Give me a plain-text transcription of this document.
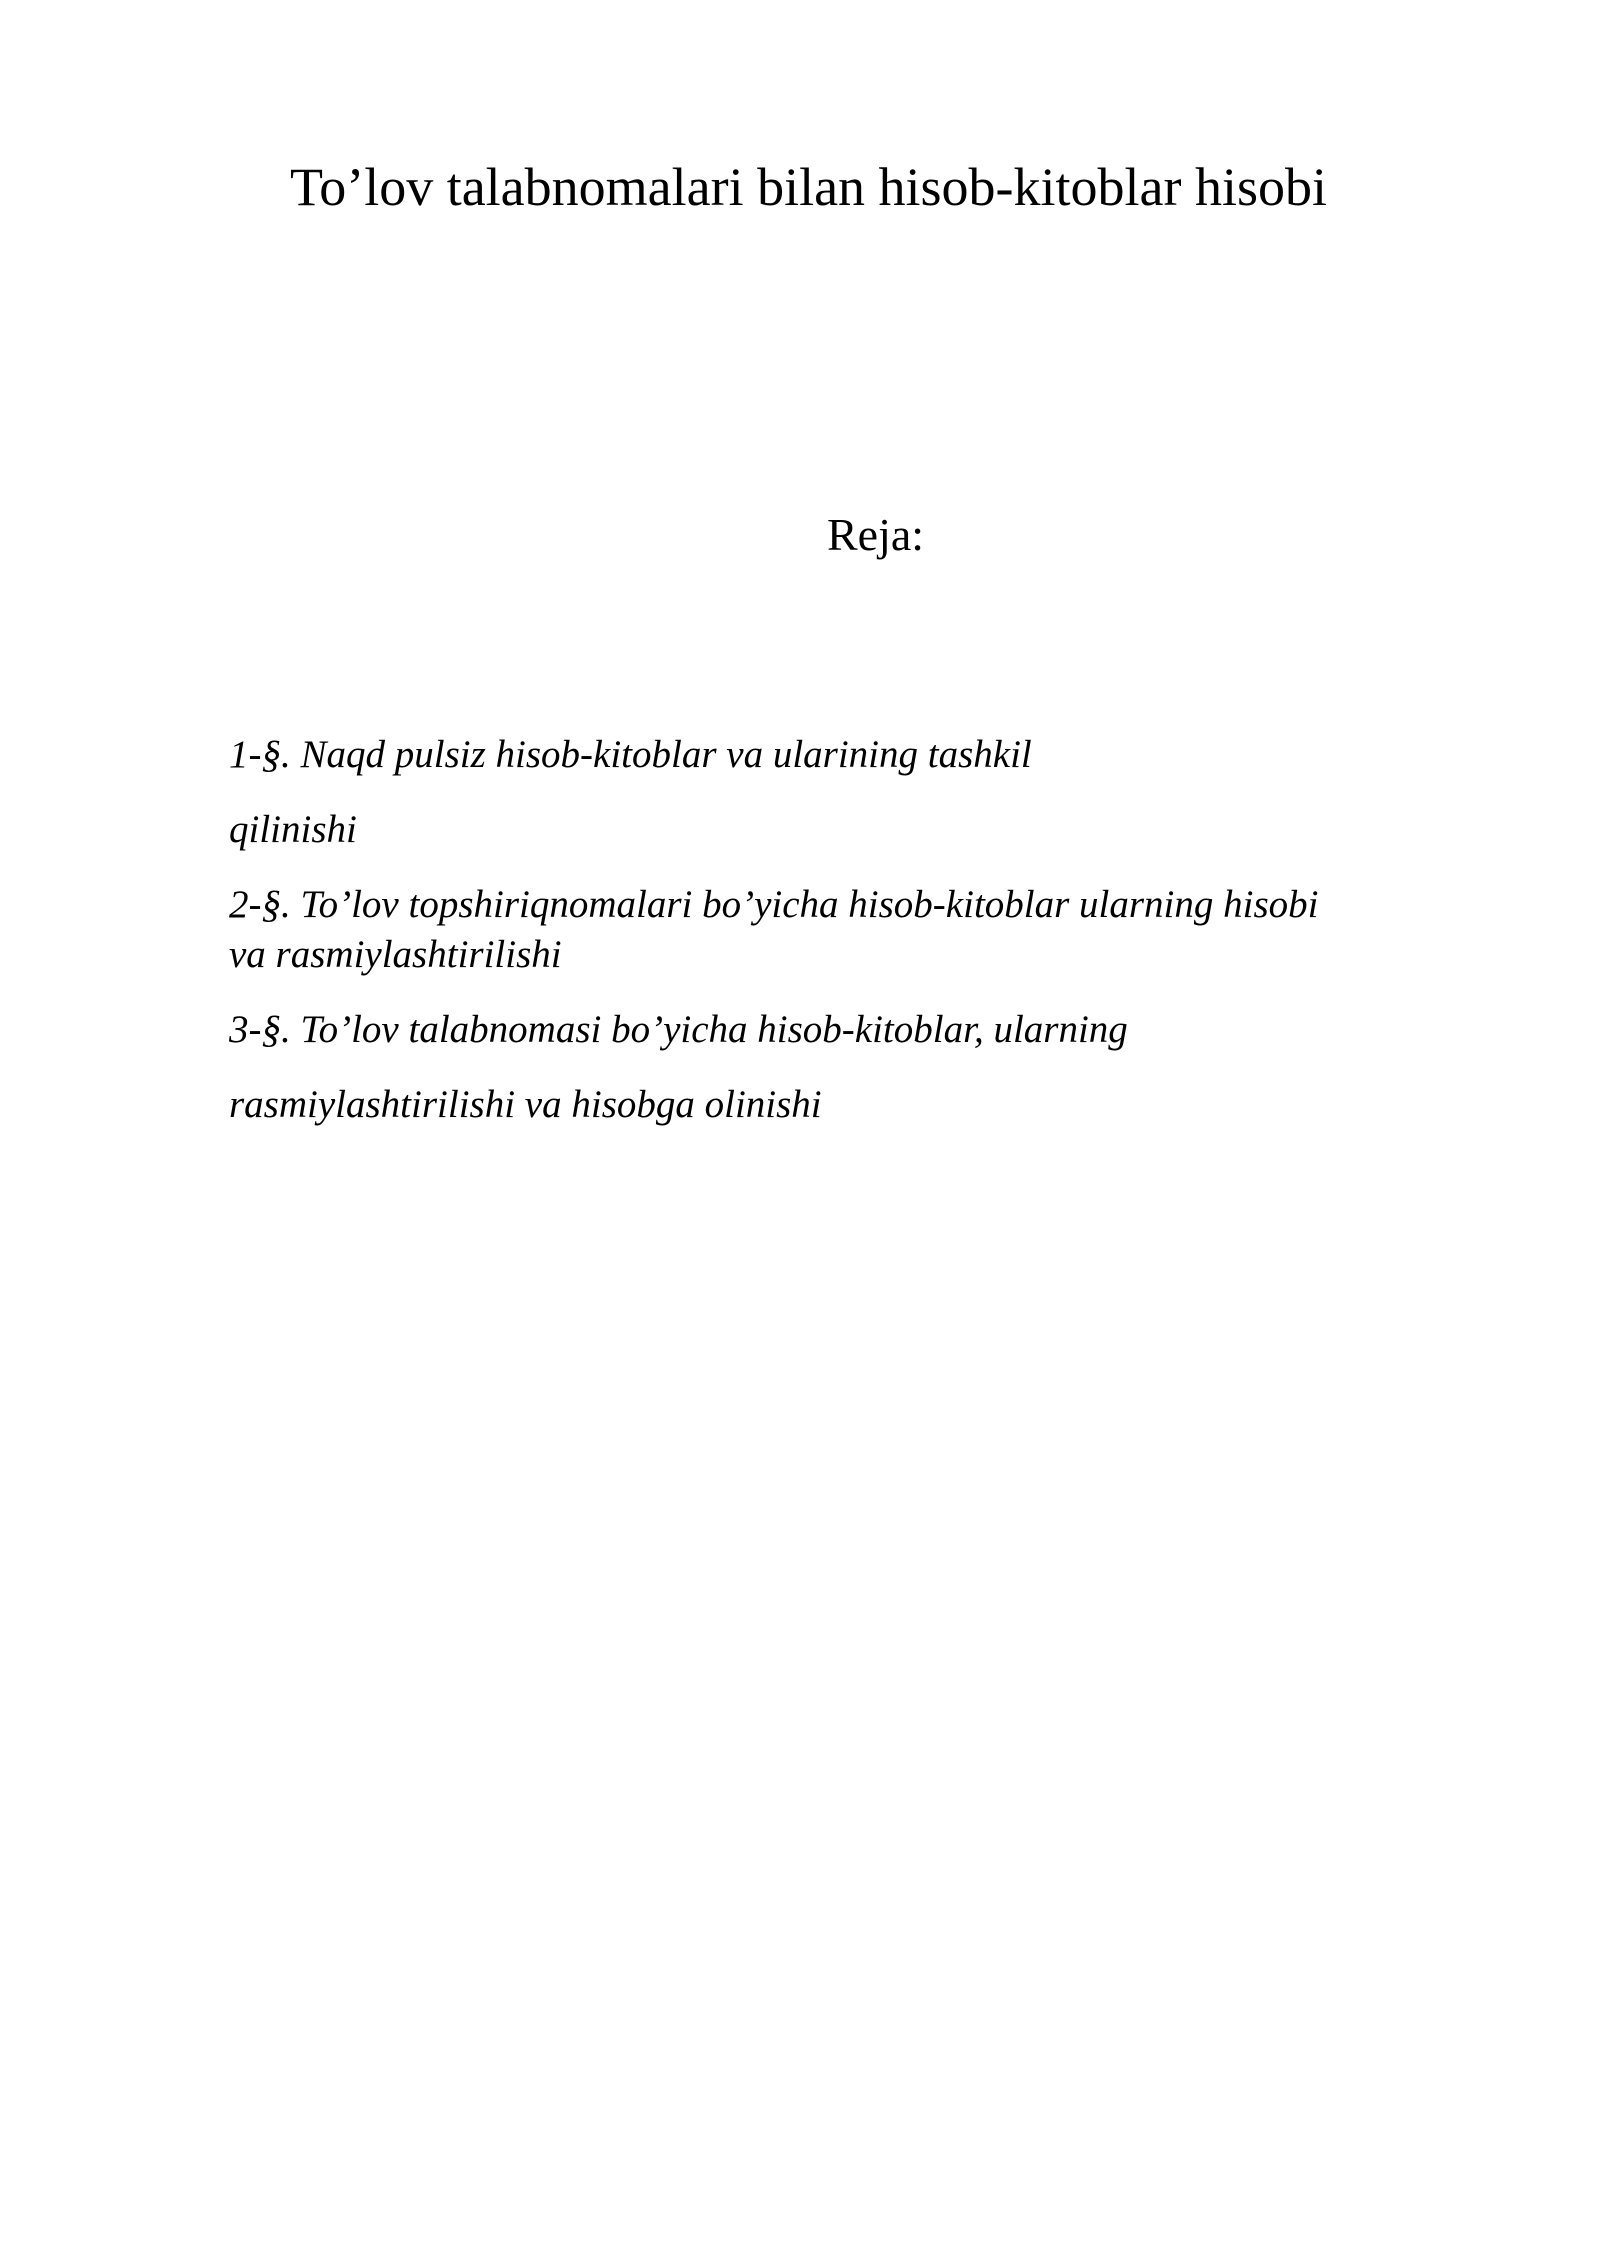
To’lov talabnomalari bilan hisob-kitoblar hisobi
Reja:

1-§. Naqd pulsiz hisob-kitoblar va ularining tashkil

qilinishi

2-§. To’lov topshiriqnomalari bo’yicha hisob-kitoblar ularning hisobi

va rasmiylashtirilishi

3-§. To’lov talabnomasi bo’yicha hisob-kitoblar, ularning

rasmiylashtirilishi va hisobga olinishi
